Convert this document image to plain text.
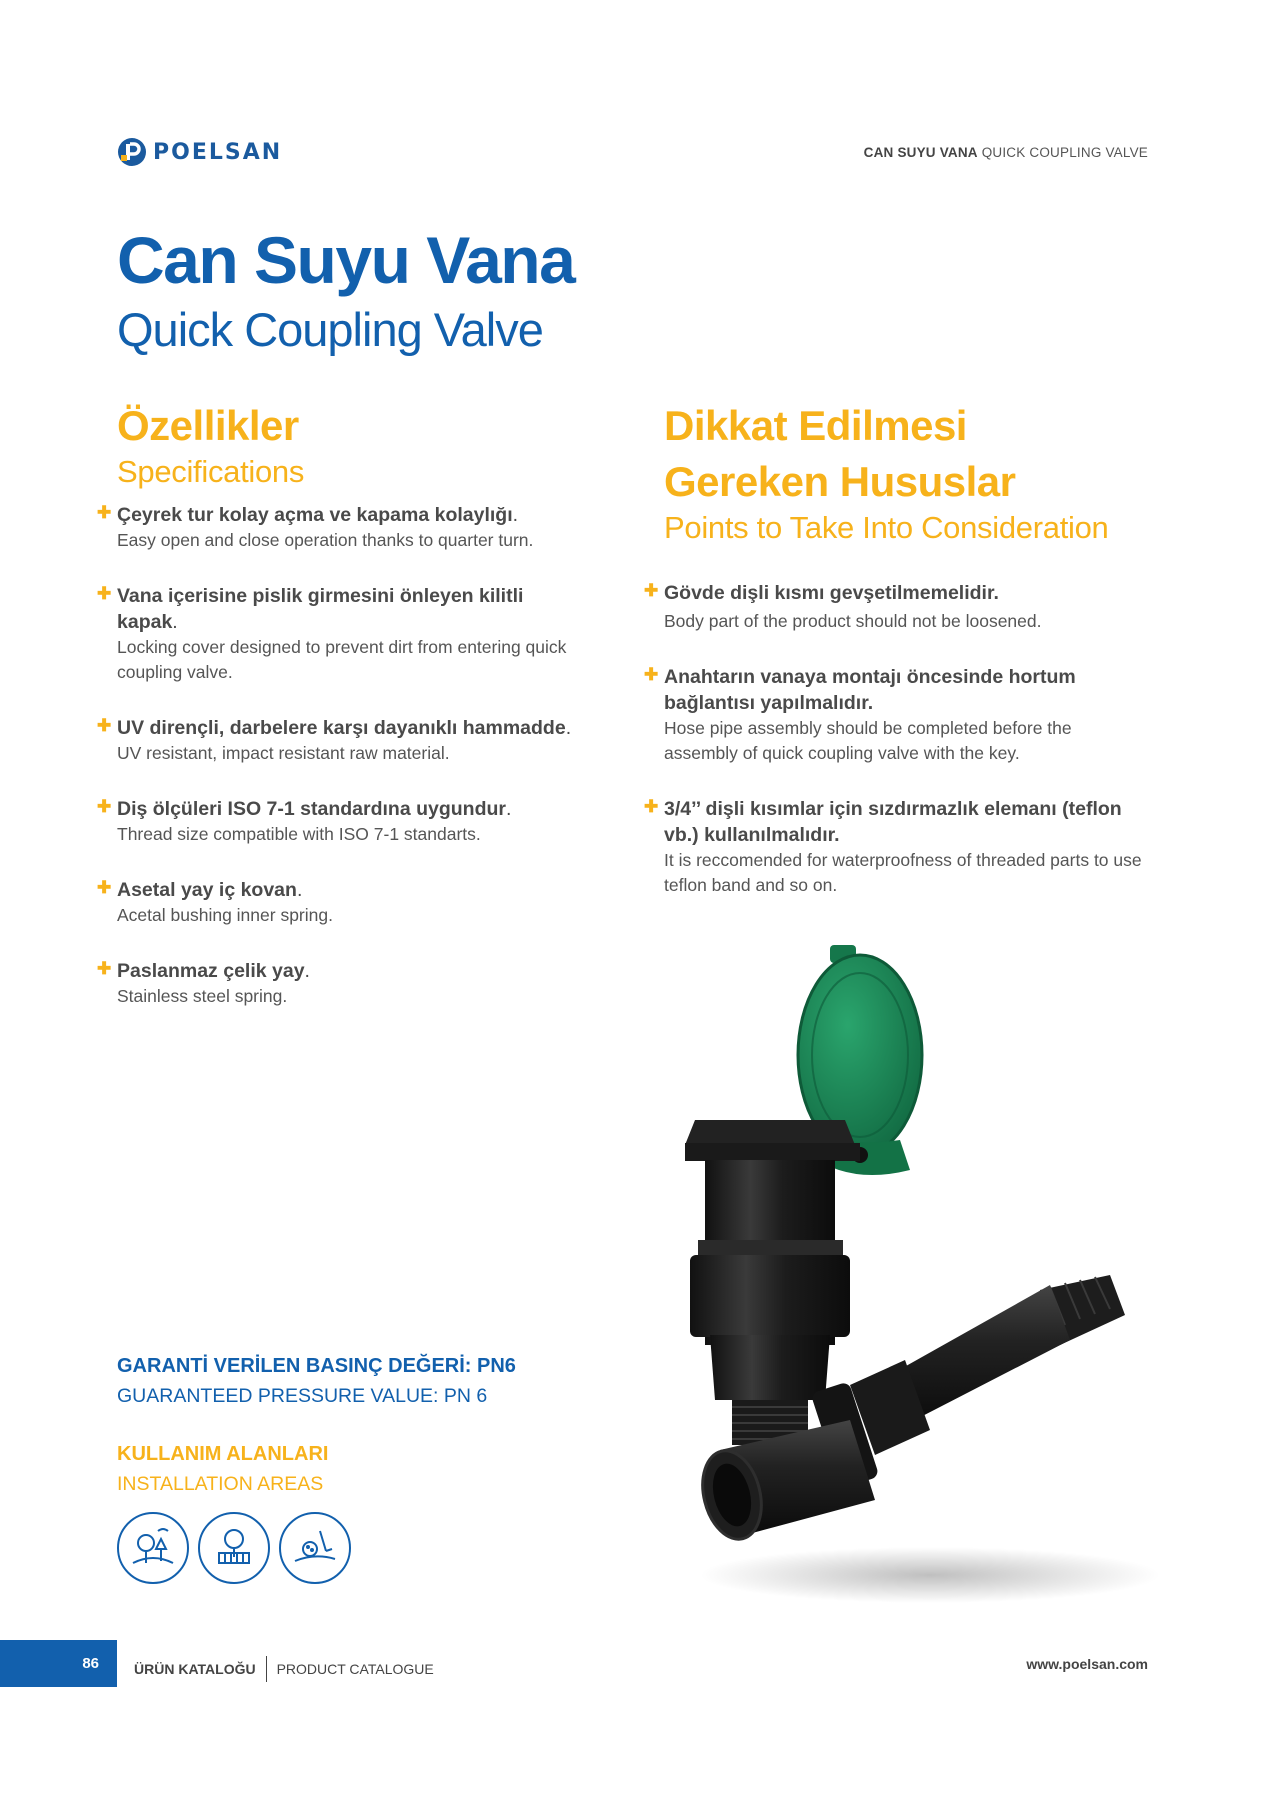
POELSAN	CAN SUYU VANA QUICK COUPLING VALVE
Can Suyu Vana
Quick Coupling Valve
Özellikler
Specifications
✚ Çeyrek tur kolay açma ve kapama kolaylığı.
Easy open and close operation thanks to quarter turn.
✚ Vana içerisine pislik girmesini önleyen kilitli kapak.
Locking cover designed to prevent dirt from entering quick coupling valve.
✚ UV dirençli, darbelere karşı dayanıklı hammadde.
UV resistant, impact resistant raw material.
✚ Diş ölçüleri ISO 7-1 standardına uygundur.
Thread size compatible with ISO 7-1 standarts.
✚ Asetal yay iç kovan.
Acetal bushing inner spring.
✚ Paslanmaz çelik yay.
Stainless steel spring.
Dikkat Edilmesi
Gereken Hususlar
Points to Take Into Consideration
✚ Gövde dişli kısmı gevşetilmemelidir.
Body part of the product should not be loosened.
✚ Anahtarın vanaya montajı öncesinde hortum bağlantısı yapılmalıdır.
Hose pipe assembly should be completed before the assembly of quick coupling valve with the key.
✚ 3/4’’ dişli kısımlar için sızdırmazlık elemanı (teflon vb.) kullanılmalıdır.
It is reccomended for waterproofness of threaded parts to use teflon band and so on.
GARANTİ VERİLEN BASINÇ DEĞERİ: PN6
GUARANTEED PRESSURE VALUE: PN 6
KULLANIM ALANLARI
INSTALLATION AREAS
86	ÜRÜN KATALOĞU PRODUCT CATALOGUE	www.poelsan.com
